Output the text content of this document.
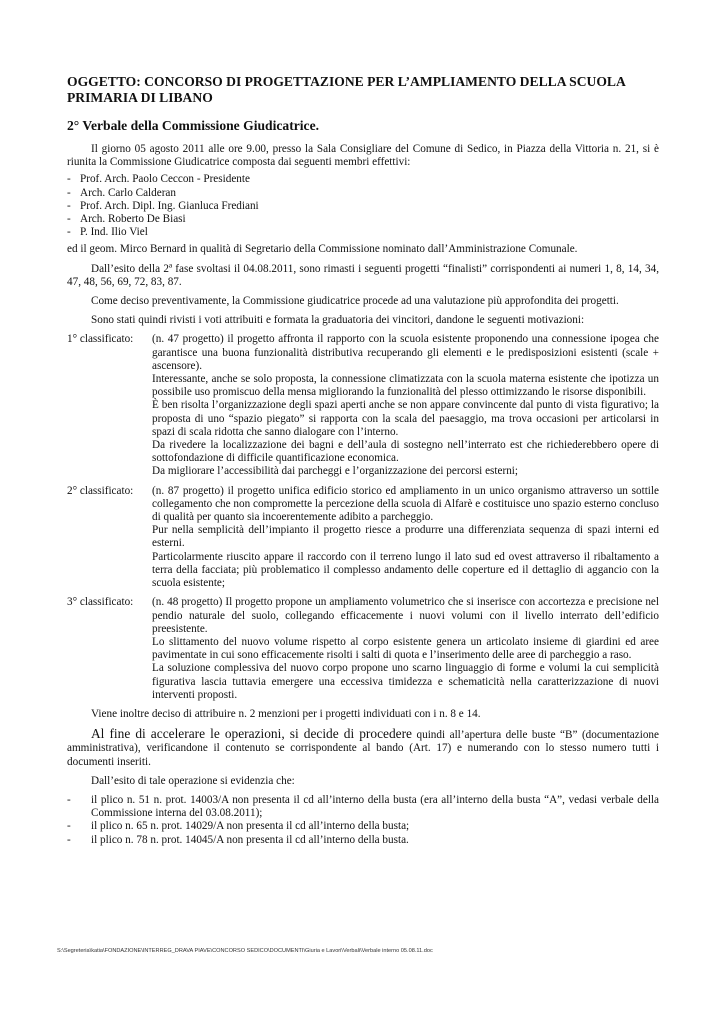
OGGETTO: CONCORSO DI PROGETTAZIONE PER L’AMPLIAMENTO DELLA SCUOLA PRIMARIA DI LIBANO
2° Verbale della Commissione Giudicatrice.

Il giorno 05 agosto 2011 alle ore 9.00, presso la Sala Consigliare del Comune di Sedico, in Piazza della Vittoria n. 21, si è riunita la Commissione Giudicatrice composta dai seguenti membri effettivi:

- Prof. Arch. Paolo Ceccon - Presidente
- Arch. Carlo Calderan
- Prof. Arch. Dipl. Ing. Gianluca Frediani
- Arch. Roberto De Biasi
- P. Ind. Ilio Viel

ed il geom. Mirco Bernard in qualità di Segretario della Commissione nominato dall’Amministrazione Comunale.

Dall’esito della 2ª fase svoltasi il 04.08.2011, sono rimasti i seguenti progetti “finalisti” corrispondenti ai numeri 1, 8, 14, 34, 47, 48, 56, 69, 72, 83, 87.

Come deciso preventivamente, la Commissione giudicatrice procede ad una valutazione più approfondita dei progetti.

Sono stati quindi rivisti i voti attribuiti e formata la graduatoria dei vincitori, dandone le seguenti motivazioni:

1° classificato:	(n. 47 progetto) il progetto affronta il rapporto con la scuola esistente proponendo una connessione ipogea che garantisce una buona funzionalità distributiva recuperando gli elementi e le predisposizioni esistenti (scale + ascensore).

Interessante, anche se solo proposta, la connessione climatizzata con la scuola materna esistente che ipotizza un possibile uso promiscuo della mensa migliorando la funzionalità del plesso ottimizzando le risorse disponibili.

È ben risolta l’organizzazione degli spazi aperti anche se non appare convincente dal punto di vista figurativo; la proposta di uno “spazio piegato” si rapporta con la scala del paesaggio, ma trova occasioni per articolarsi in spazi di scala ridotta che sanno dialogare con l’interno.

Da rivedere la localizzazione dei bagni e dell’aula di sostegno nell’interrato est che richiederebbero opere di sottofondazione di difficile quantificazione economica.

Da migliorare l’accessibilità dai parcheggi e l’organizzazione dei percorsi esterni;

2° classificato:	(n. 87 progetto) il progetto unifica edificio storico ed ampliamento in un unico organismo attraverso un sottile collegamento che non compromette la percezione della scuola di Alfarè e costituisce uno spazio esterno concluso di qualità per quanto sia incoerentemente adibito a parcheggio.

Pur nella semplicità dell’impianto il progetto riesce a produrre una differenziata sequenza di spazi interni ed esterni.

Particolarmente riuscito appare il raccordo con il terreno lungo il lato sud ed ovest attraverso il ribaltamento a terra della facciata; più problematico il complesso andamento delle coperture ed il dettaglio di aggancio con la scuola esistente;

3° classificato:	(n. 48 progetto) Il progetto propone un ampliamento volumetrico che si inserisce con accortezza e precisione nel pendio naturale del suolo, collegando efficacemente i nuovi volumi con il livello interrato dell’edificio preesistente.

Lo slittamento del nuovo volume rispetto al corpo esistente genera un articolato insieme di giardini ed aree pavimentate in cui sono efficacemente risolti i salti di quota e l’inserimento delle aree di parcheggio a raso.

La soluzione complessiva del nuovo corpo propone uno scarno linguaggio di forme e volumi la cui semplicità figurativa lascia tuttavia emergere una eccessiva timidezza e schematicità nella caratterizzazione di nuovi interventi proposti.

Viene inoltre deciso di attribuire n. 2 menzioni per i progetti individuati con i n. 8 e 14.

Al fine di accelerare le operazioni, si decide di procedere quindi all’apertura delle buste “B” (documentazione amministrativa), verificandone il contenuto se corrispondente al bando (Art. 17) e numerando con lo stesso numero tutti i documenti inseriti.

Dall’esito di tale operazione si evidenzia che:

-	il plico n. 51 n. prot. 14003/A non presenta il cd all’interno della busta (era all’interno della busta “A”, vedasi verbale della Commissione interna del 03.08.2011);
-	il plico n. 65 n. prot. 14029/A non presenta il cd all’interno della busta;
-	il plico n. 78 n. prot. 14045/A non presenta il cd all’interno della busta.
S:\Segreteria\katia\FONDAZIONE\INTERREG_DRAVA PIAVE\CONCORSO SEDICO\DOCUMENTI\Giuria e Lavori\Verbali\Verbale interno 05.08.11.doc
